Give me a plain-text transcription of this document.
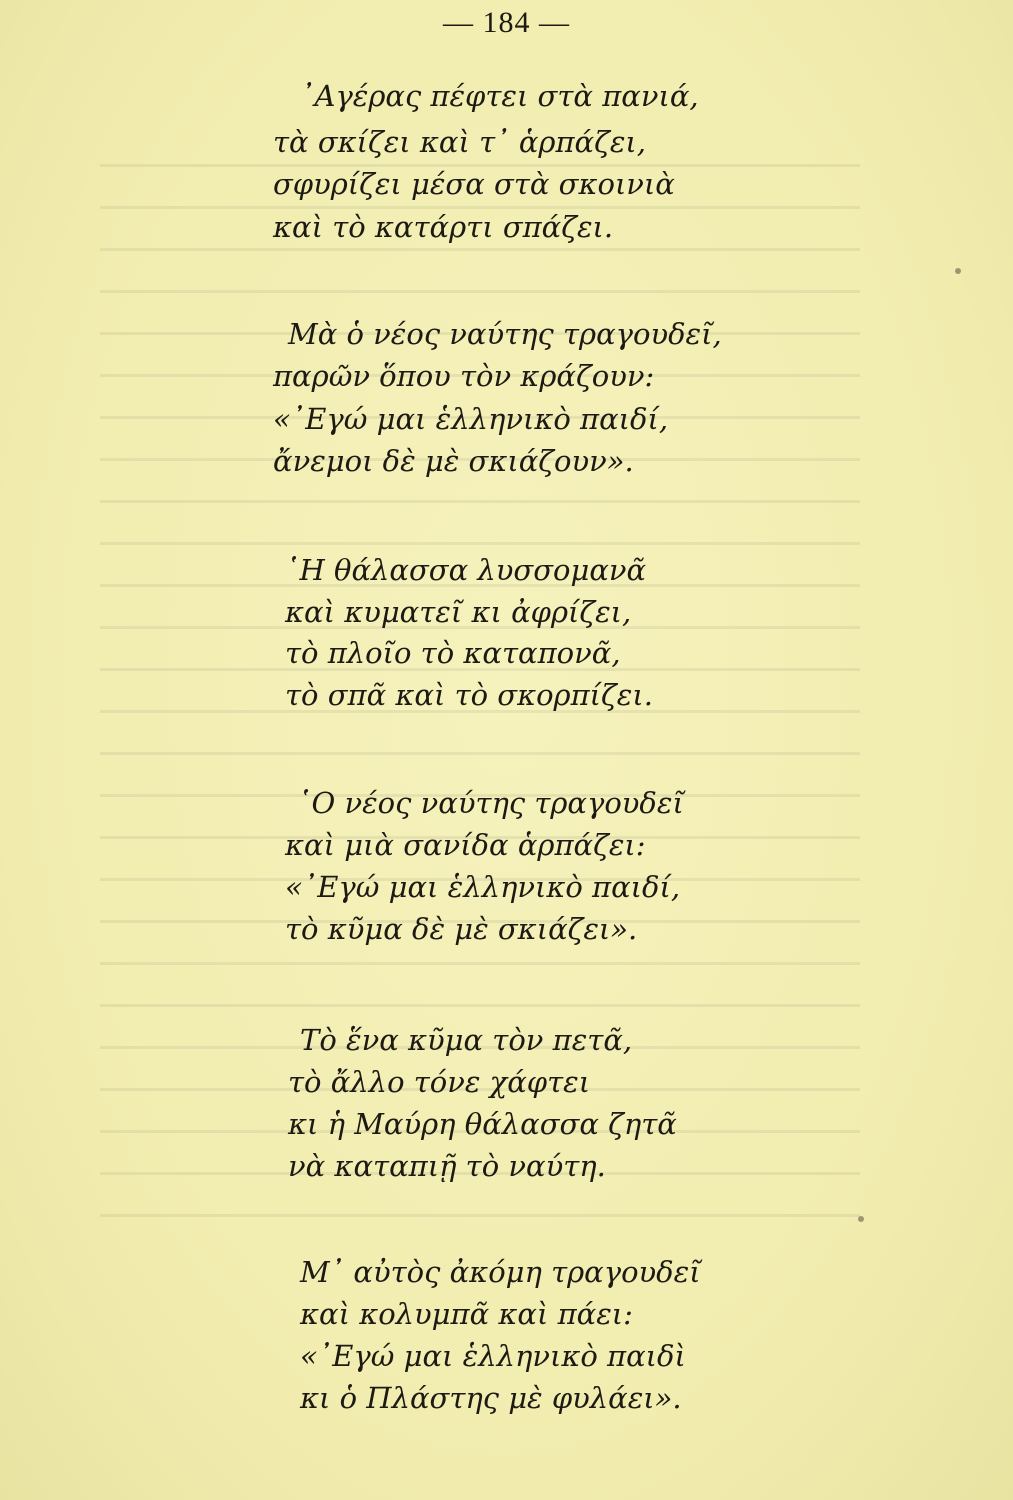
— 184 —
᾿Αγέρας πέφτει στὰ πανιά,
τὰ σκίζει καὶ τ᾿ ἁρπάζει,
σφυρίζει μέσα στὰ σκοινιὰ
καὶ τὸ κατάρτι σπάζει.
Μὰ ὁ νέος ναύτης τραγουδεῖ,
παρῶν ὅπου τὸν κράζουν:
«᾿Εγώ μαι ἑλληνικὸ παιδί,
ἄνεμοι δὲ μὲ σκιάζουν».
῾Η θάλασσα λυσσομανᾶ
καὶ κυματεῖ κι ἀφρίζει,
τὸ πλοῖο τὸ καταπονᾶ,
τὸ σπᾶ καὶ τὸ σκορπίζει.
῾Ο νέος ναύτης τραγουδεῖ
καὶ μιὰ σανίδα ἁρπάζει:
«᾿Εγώ μαι ἑλληνικὸ παιδί,
τὸ κῦμα δὲ μὲ σκιάζει».
Τὸ ἕνα κῦμα τὸν πετᾶ,
τὸ ἄλλο τόνε χάφτει
κι ἡ Μαύρη θάλασσα ζητᾶ
νὰ καταπιῇ τὸ ναύτη.
Μ᾿ αὐτὸς ἀκόμη τραγουδεῖ
καὶ κολυμπᾶ καὶ πάει:
«᾿Εγώ μαι ἑλληνικὸ παιδὶ
κι ὁ Πλάστης μὲ φυλάει».
